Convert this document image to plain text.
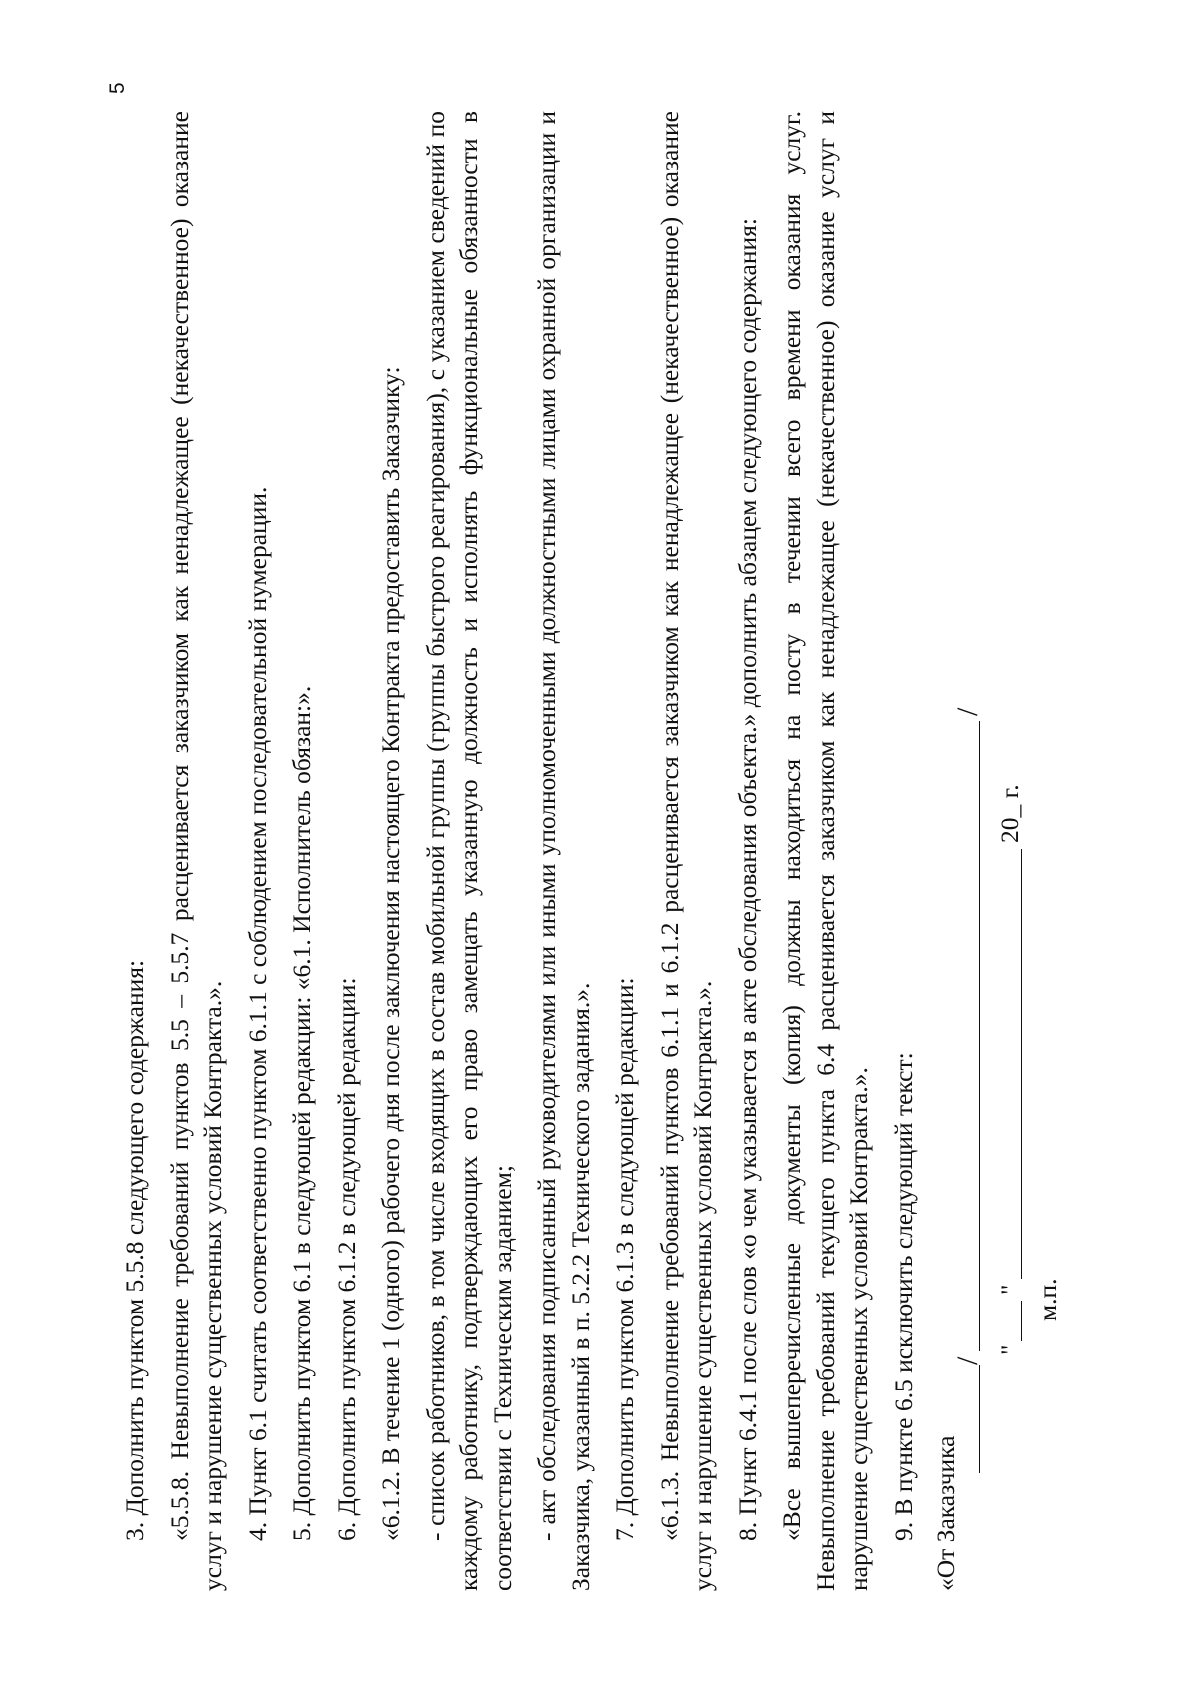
3. Дополнить пунктом 5.5.8 следующего содержания: «5.5.8. Невыполнение требований пунктов 5.5 – 5.5.7 расценивается заказчиком как ненадлежащее (некачественное) оказание услуг и нарушение существенных условий Контракта.». 4. Пункт 6.1 считать соответственно пунктом 6.1.1 с соблюдением последовательной нумерации. 5. Дополнить пунктом 6.1 в следующей редакции: «6.1. Исполнитель обязан:». 6. Дополнить пунктом 6.1.2 в следующей редакции: «6.1.2. В течение 1 (одного) рабочего дня после заключения настоящего Контракта предоставить Заказчику: - список работников, в том числе входящих в состав мобильной группы (группы быстрого реагирования), с указанием сведений по каждому работнику, подтверждающих его право замещать указанную должность и исполнять функциональные обязанности в соответствии с Техническим заданием; - акт обследования подписанный руководителями или иными уполномоченными должностными лицами охранной организации и Заказчика, указанный в п. 5.2.2 Технического задания.». 7. Дополнить пунктом 6.1.3 в следующей редакции: «6.1.3. Невыполнение требований пунктов 6.1.1 и 6.1.2 расценивается заказчиком как ненадлежащее (некачественное) оказание услуг и нарушение существенных условий Контракта.». 8. Пункт 6.4.1 после слов «о чем указывается в акте обследования объекта.» дополнить абзацем следующего содержания: «Все вышеперечисленные документы (копия) должны находиться на посту в течении всего времени оказания услуг. Невыполнение требований текущего пункта 6.4 расценивается заказчиком как ненадлежащее (некачественное) оказание услуг и нарушение существенных условий Контракта.». 9. В пункте 6.5 исключить следующий текст: «От Заказчика
/
/
"
"
20_ г.
м.п.
5
